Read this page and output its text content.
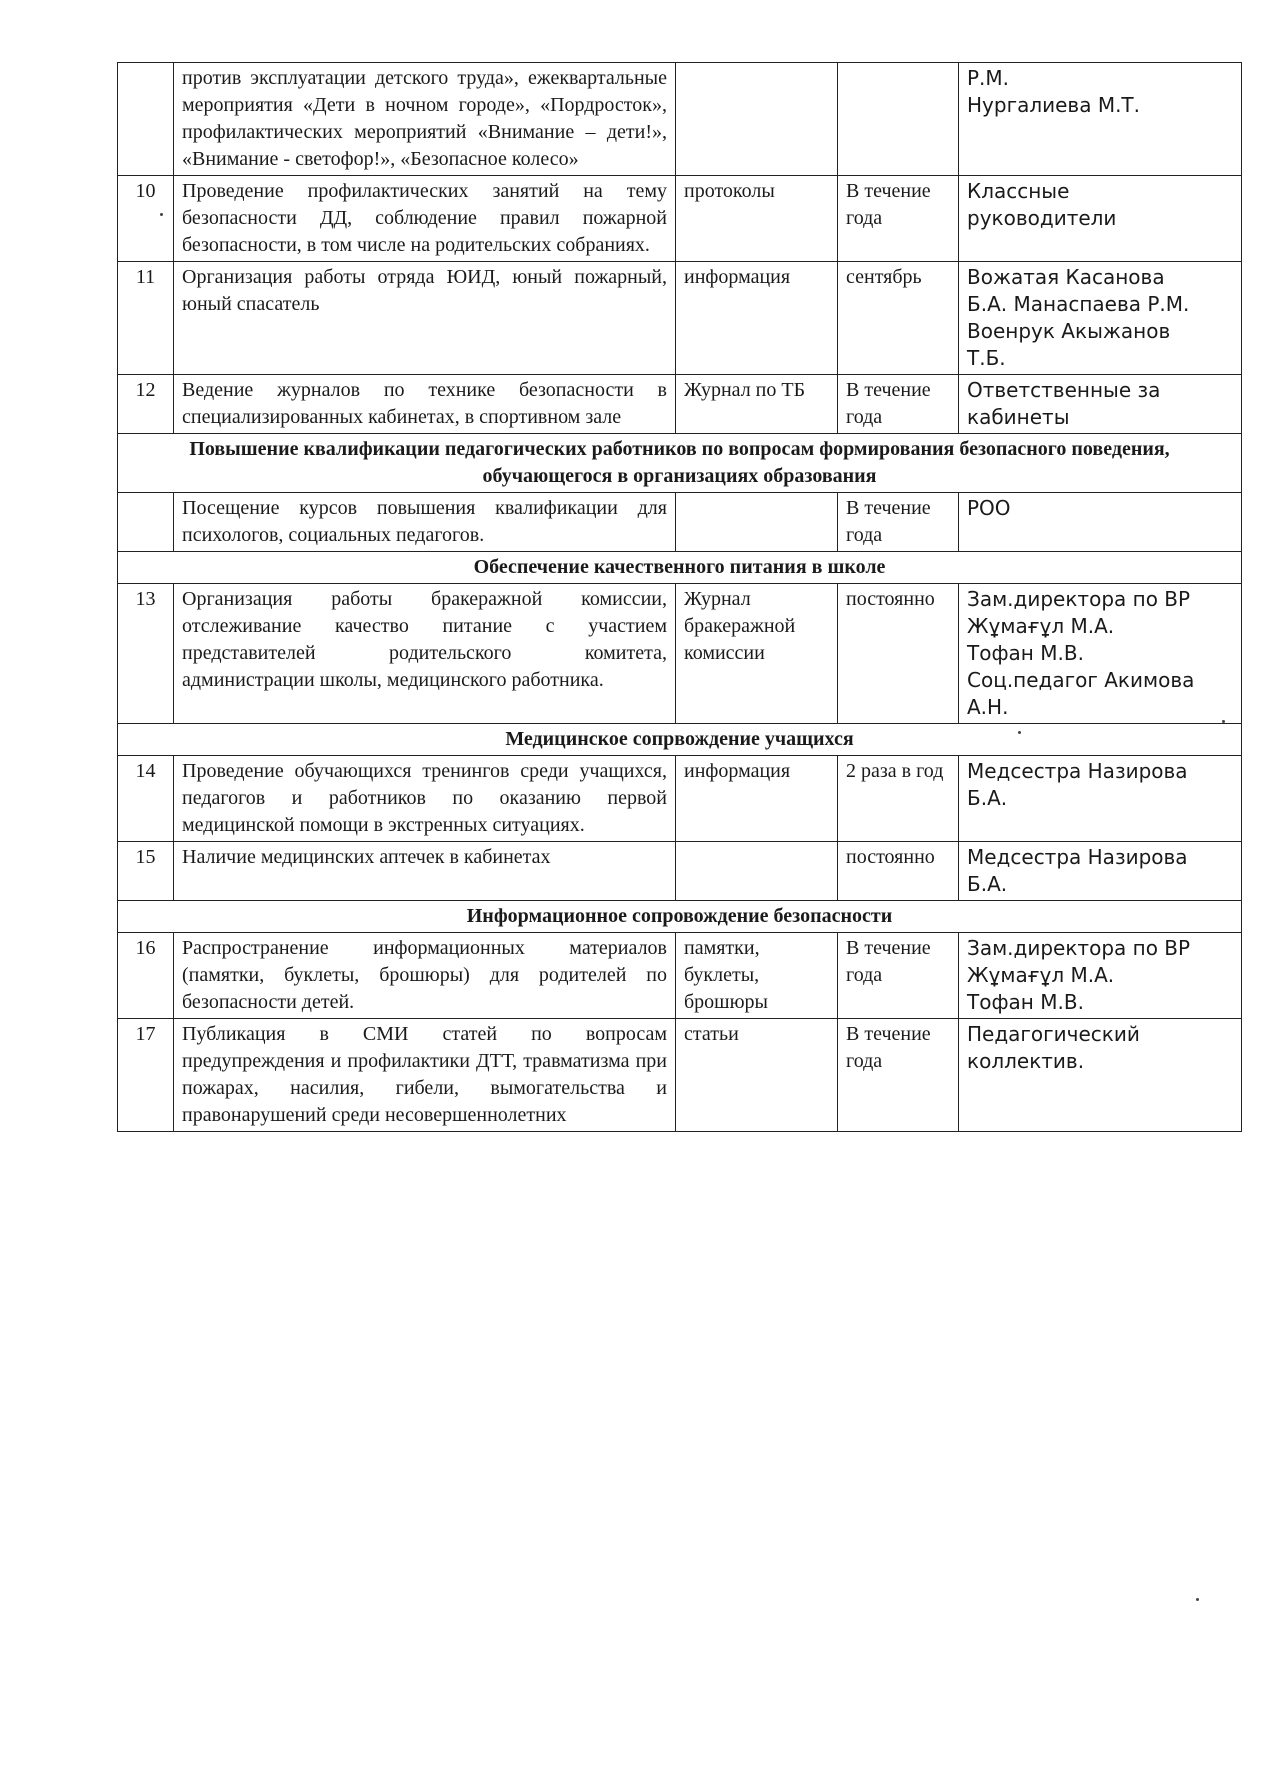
	против эксплуатации детского труда», ежеквартальные мероприятия «Дети в ночном городе», «Пордросток», профилактических мероприятий «Внимание – дети!», «Внимание - светофор!», «Безопасное колесо»			Р.М.
Нургалиева М.Т.

10	Проведение профилактических занятий на тему безопасности ДД, соблюдение правил пожарной безопасности, в том числе на родительских собраниях.	протоколы	В течение года	Классные
руководители

11	Организация работы отряда ЮИД, юный пожарный, юный спасатель	информация	сентябрь	Вожатая Касанова
Б.А. Манаспаева Р.М.
Военрук Акыжанов
Т.Б.

12	Ведение журналов по технике безопасности в специализированных кабинетах, в спортивном зале	Журнал по ТБ	В течение года	Ответственные за
кабинеты

Повышение квалификации педагогических работников по вопросам формирования безопасного поведения, обучающегося в организациях образования				
	Посещение курсов повышения квалификации для психологов, социальных педагогов.		В течение года	РОО

Обеспечение качественного питания в школе				
13	Организация работы бракеражной комиссии, отслеживание качество питание с участием представителей родительского комитета, администрации школы, медицинского работника.	Журнал бракеражной комиссии	постоянно	Зам.директора по ВР
Жұмағұл М.А.
Тофан М.В.
Соц.педагог Акимова
А.Н.

Медицинское сопрвождение учащихся				
14	Проведение обучающихся тренингов среди учащихся, педагогов и работников по оказанию первой медицинской помощи в экстренных ситуациях.	информация	2 раза в год	Медсестра Назирова
Б.А.

15	Наличие медицинских аптечек в кабинетах		постоянно	Медсестра Назирова
Б.А.

Информационное сопровождение безопасности				
16	Распространение информационных материалов (памятки, буклеты, брошюры) для родителей по безопасности детей.	памятки, буклеты, брошюры	В течение года	Зам.директора по ВР
Жұмағұл М.А.
Тофан М.В.

17	Публикация в СМИ статей по вопросам предупреждения и профилактики ДТТ, травматизма при пожарах, насилия, гибели, вымогательства и правонарушений среди несовершеннолетних	статьи	В течение года	Педагогический
коллектив.
